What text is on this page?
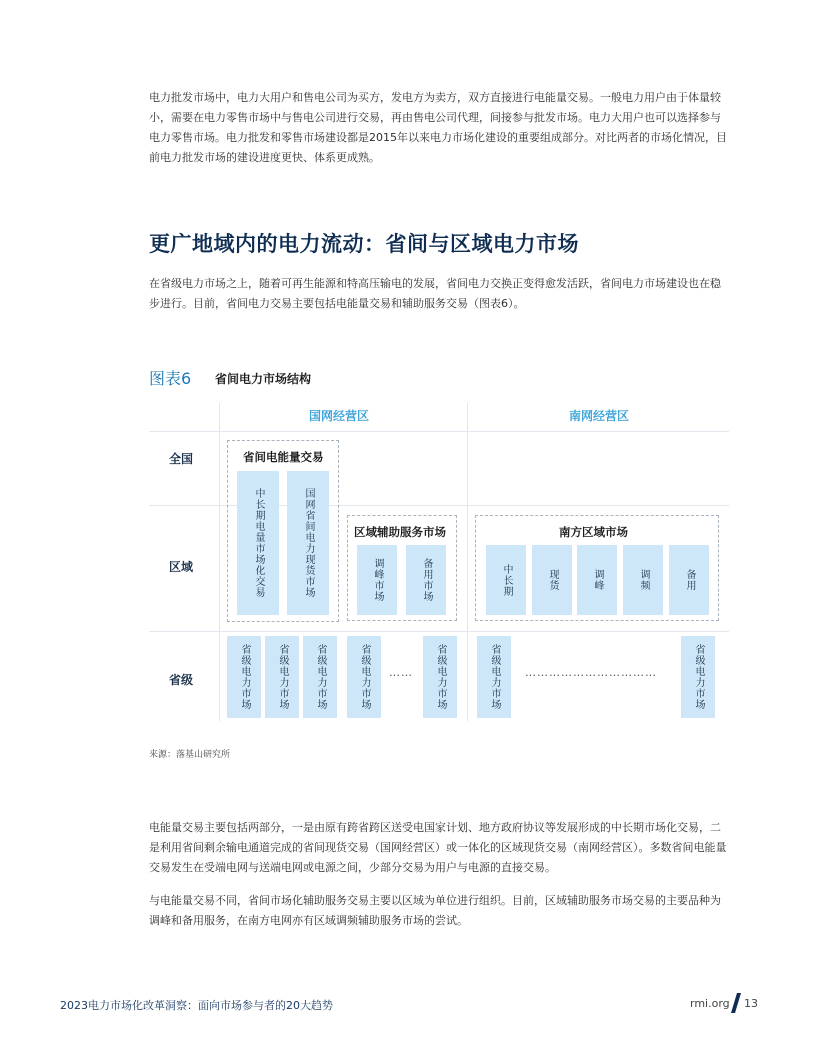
电力批发市场中，电力大用户和售电公司为买方，发电方为卖方，双方直接进行电能量交易。一般电力用户由于体量较小，需要在电力零售市场中与售电公司进行交易，再由售电公司代理，间接参与批发市场。电力大用户也可以选择参与电力零售市场。电力批发和零售市场建设都是2015年以来电力市场化建设的重要组成部分。对比两者的市场化情况，目前电力批发市场的建设进度更快、体系更成熟。

更广地域内的电力流动：省间与区域电力市场

在省级电力市场之上，随着可再生能源和特高压输电的发展，省间电力交换正变得愈发活跃，省间电力市场建设也在稳步进行。目前，省间电力交易主要包括电能量交易和辅助服务交易（图表6）。

图表6 省间电力市场结构
国网经营区	南网经营区
全国
区域
省级
省间电能量交易
中长期电量市场化交易	国网省间电力现货市场	区域辅助服务市场
调峰市场	备用市场
南方区域市场
中长期	现货	调峰	调频	备用
省级电力市场	省级电力市场	省级电力市场	省级电力市场 …… 省级电力市场	省级电力市场 ……………………………	省级电力市场
来源：落基山研究所

电能量交易主要包括两部分，一是由原有跨省跨区送受电国家计划、地方政府协议等发展形成的中长期市场化交易，二是利用省间剩余输电通道完成的省间现货交易（国网经营区）或一体化的区域现货交易（南网经营区）。多数省间电能量交易发生在受端电网与送端电网或电源之间，少部分交易为用户与电源的直接交易。

与电能量交易不同，省间市场化辅助服务交易主要以区域为单位进行组织。目前，区域辅助服务市场交易的主要品种为调峰和备用服务，在南方电网亦有区域调频辅助服务市场的尝试。

2023电力市场化改革洞察：面向市场参与者的20大趋势	rmi.org 13
